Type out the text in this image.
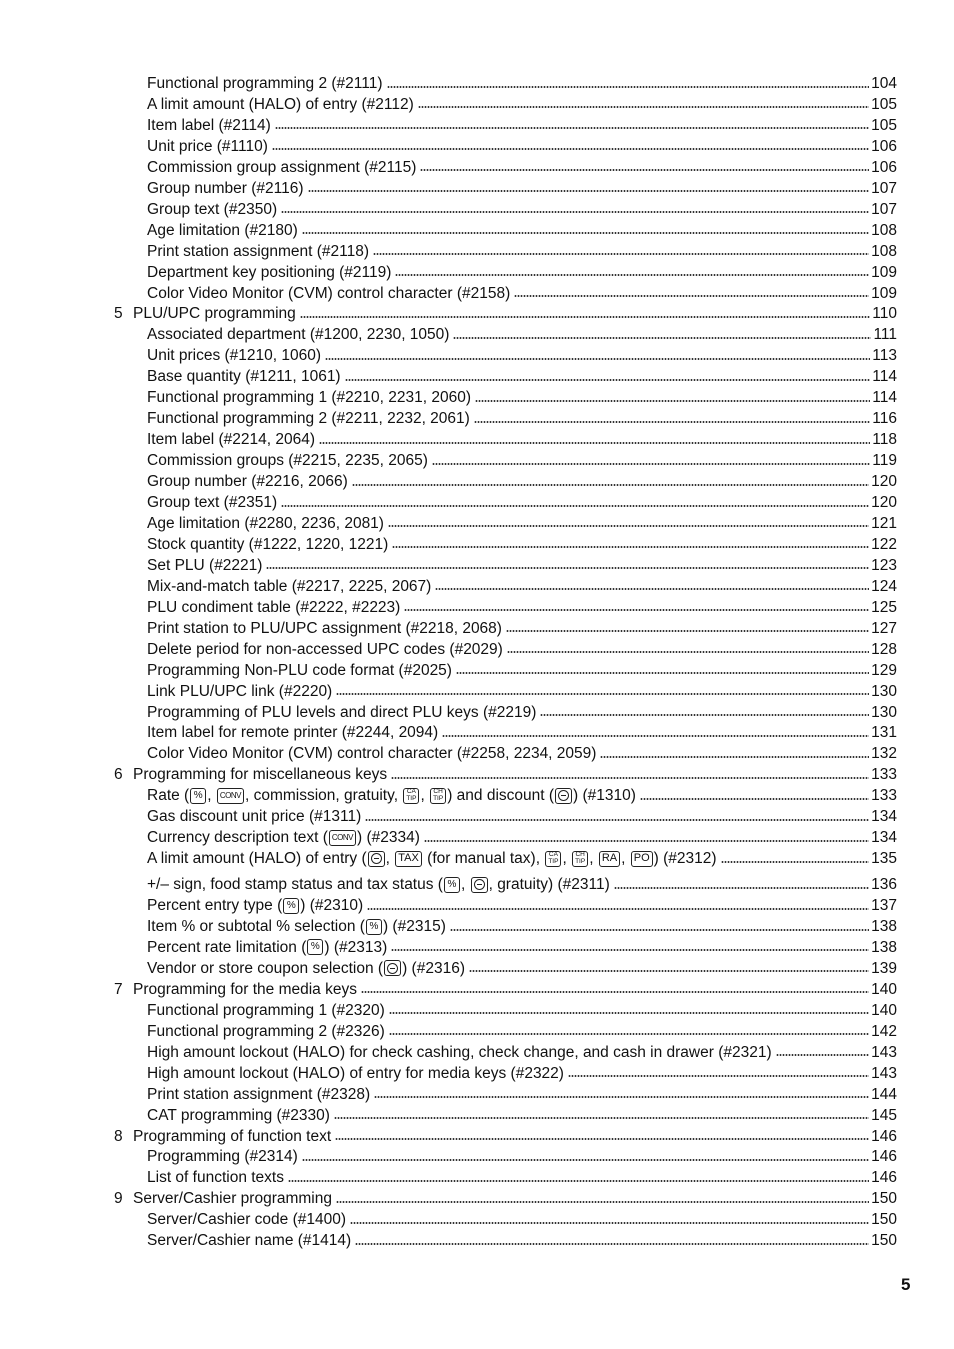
Functional programming 2 (#2111)	104
A limit amount (HALO) of entry (#2112)	105
Item label (#2114)	105
Unit price (#1110)	106
Commission group assignment (#2115)	106
Group number (#2116)	107
Group text (#2350)	107
Age limitation (#2180)	108
Print station assignment (#2118)	108
Department key positioning (#2119)	109
Color Video Monitor (CVM) control character (#2158)	109
5 PLU/UPC programming	110
Associated department (#1200, 2230, 1050)	111
Unit prices (#1210, 1060)	113
Base quantity (#1211, 1061)	114
Functional programming 1 (#2210, 2231, 2060)	114
Functional programming 2 (#2211, 2232, 2061)	116
Item label (#2214, 2064)	118
Commission groups (#2215, 2235, 2065)	119
Group number (#2216, 2066)	120
Group text (#2351)	120
Age limitation (#2280, 2236, 2081)	121
Stock quantity (#1222, 1220, 1221)	122
Set PLU (#2221)	123
Mix-and-match table (#2217, 2225, 2067)	124
PLU condiment table (#2222, #2223)	125
Print station to PLU/UPC assignment (#2218, 2068)	127
Delete period for non-accessed UPC codes (#2029)	128
Programming Non-PLU code format (#2025)	129
Link PLU/UPC link (#2220)	130
Programming of PLU levels and direct PLU keys (#2219)	130
Item label for remote printer (#2244, 2094)	131
Color Video Monitor (CVM) control character (#2258, 2234, 2059)	132
6 Programming for miscellaneous keys	133
Rate ( % , CONV , commission, gratuity, CA
TIP , CH
TIP ) and discount ( ) (#1310)	133
Gas discount unit price (#1311)	134
Currency description text ( CONV ) (#2334)	134
A limit amount (HALO) of entry ( , TAX (for manual tax), CA
TIP , CH
TIP , RA , PO ) (#2312)	135
+/– sign, food stamp status and tax status ( % , , gratuity) (#2311)	136
Percent entry type ( % ) (#2310)	137
Item % or subtotal % selection ( % ) (#2315)	138
Percent rate limitation ( % ) (#2313)	138
Vendor or store coupon selection ( ) (#2316)	139
7 Programming for the media keys	140
Functional programming 1 (#2320)	140
Functional programming 2 (#2326)	142
High amount lockout (HALO) for check cashing, check change, and cash in drawer (#2321)	143
High amount lockout (HALO) of entry for media keys (#2322)	143
Print station assignment (#2328)	144
CAT programming (#2330)	145
8 Programming of function text	146
Programming (#2314)	146
List of function texts	146
9 Server/Cashier programming	150
Server/Cashier code (#1400)	150
Server/Cashier name (#1414)	150
5
